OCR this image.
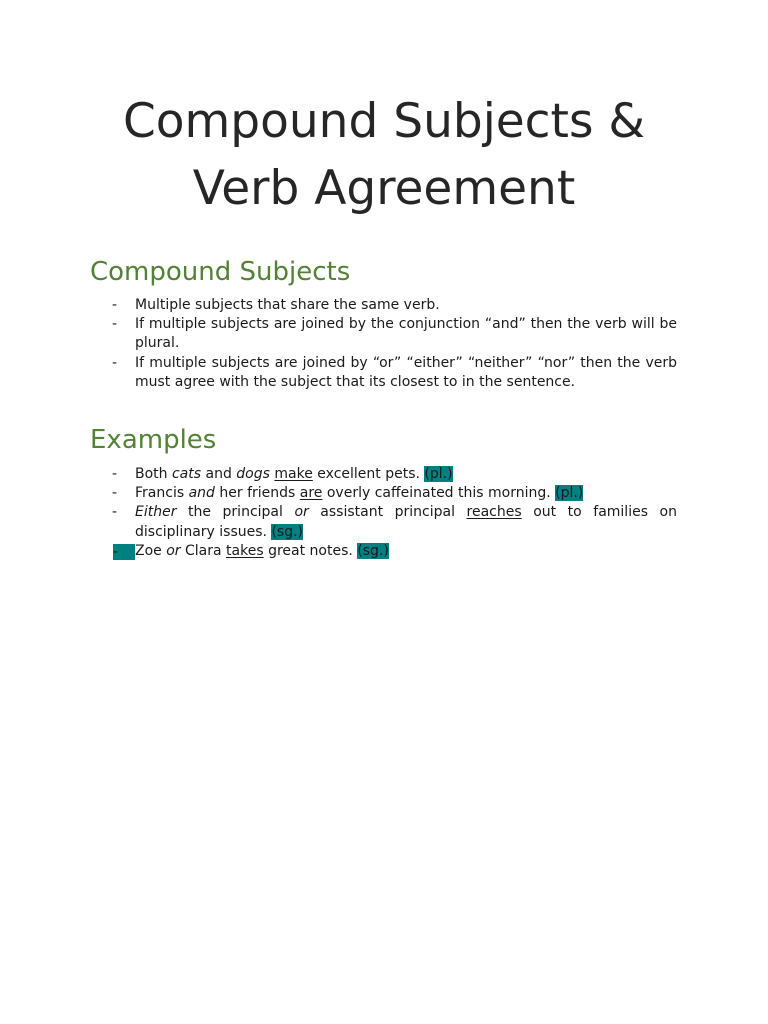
Compound Subjects &
Verb Agreement
Compound Subjects
- Multiple subjects that share the same verb.
- If multiple subjects are joined by the conjunction “and” then the verb will be plural.
- If multiple subjects are joined by “or” “either” “neither” “nor” then the verb must agree with the subject that its closest to in the sentence.
Examples
- Both cats and dogs make excellent pets. (pl.)
- Francis and her friends are overly caffeinated this morning. (pl.)
- Either the principal or assistant principal reaches out to families on disciplinary issues. (sg.)
-	Zoe or Clara takes great notes. (sg.)
